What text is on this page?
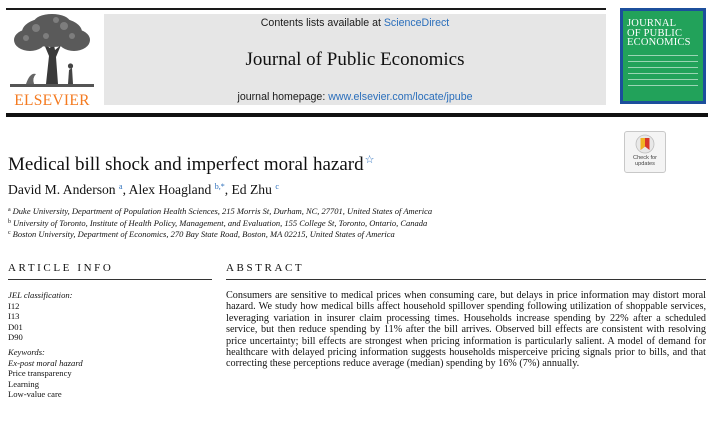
ELSEVIER
Contents lists available at ScienceDirect
Journal of Public Economics
journal homepage: www.elsevier.com/locate/jpube
JOURNAL OF PUBLIC ECONOMICS
Check for updates
Medical bill shock and imperfect moral hazard☆
David M. Anderson $^a$, Alex Hoagland $^{b,*}$, Ed Zhu $^c$
$^a$ Duke University, Department of Population Health Sciences, 215 Morris St, Durham, NC, 27701, United States of America
$^b$ University of Toronto, Institute of Health Policy, Management, and Evaluation, 155 College St, Toronto, Ontario, Canada
$^c$ Boston University, Department of Economics, 270 Bay State Road, Boston, MA 02215, United States of America
ARTICLE INFO
JEL classification:
I12
I13
D01
D90
Keywords:
Ex-post moral hazard
Price transparency
Learning
Low-value care
ABSTRACT
Consumers are sensitive to medical prices when consuming care, but delays in price information may distort moral hazard. We study how medical bills affect household spillover spending following utilization of shoppable services, leveraging variation in insurer claim processing times. Households increase spending by 22% after a scheduled service, but then reduce spending by 11% after the bill arrives. Observed bill effects are consistent with resolving price uncertainty; bill effects are strongest when pricing information is particularly salient. A model of demand for healthcare with delayed pricing information suggests households misperceive pricing signals prior to bills, and that correcting these perceptions reduce average (median) spending by 16% (7%) annually.
